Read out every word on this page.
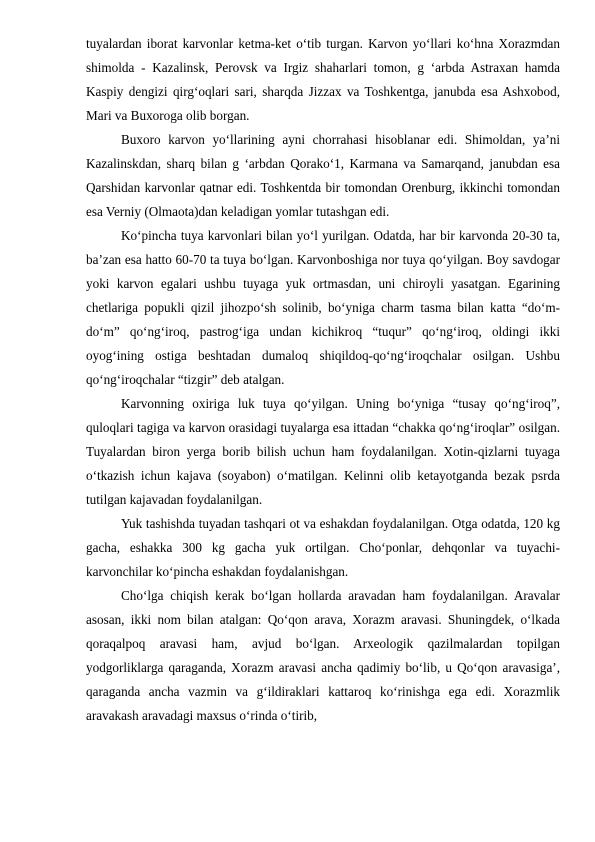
tuyalardan iborat karvonlar ketma-ket o‘tib turgan. Karvon yo‘llari ko‘hna Xorazmdan shimolda - Kazalinsk, Perovsk va Irgiz shaharlari tomon, g ‘arbda Astraxan hamda Kaspiy dengizi qirg‘oqlari sari, sharqda Jizzax va Toshkentga, janubda esa Ashxobod, Mari va Buxoroga olib borgan.

Buxoro karvon yo‘llarining ayni chorrahasi hisoblanar edi. Shimoldan, ya’ni Kazalinskdan, sharq bilan g ‘arbdan Qorako‘1, Karmana va Samarqand, janubdan esa Qarshidan karvonlar qatnar edi. Toshkentda bir tomondan Orenburg, ikkinchi tomondan esa Verniy (Olmaota)dan keladigan yomlar tutashgan edi.

Ko‘pincha tuya karvonlari bilan yo‘l yurilgan. Odatda, har bir karvonda 20-30 ta, ba’zan esa hatto 60-70 ta tuya bo‘lgan. Karvonboshiga nor tuya qo‘yilgan. Boy savdogar yoki karvon egalari ushbu tuyaga yuk ortmasdan, uni chiroyli yasatgan. Egarining chetlariga popukli qizil jihozpo‘sh solinib, bo‘yniga charm tasma bilan katta “do‘m-do‘m” qo‘ng‘iroq, pastrog‘iga undan kichikroq “tuqur” qo‘ng‘iroq, oldingi ikki oyog‘ining ostiga beshtadan dumaloq shiqildoq-qo‘ng‘iroqchalar osilgan. Ushbu qo‘ng‘iroqchalar “tizgir” deb atalgan.

Karvonning oxiriga luk tuya qo‘yilgan. Uning bo‘yniga “tusay qo‘ng‘iroq”, quloqlari tagiga va karvon orasidagi tuyalarga esa ittadan “chakka qo‘ng‘iroqlar” osilgan. Tuyalardan biron yerga borib bilish uchun ham foydalanilgan. Xotin-qizlarni tuyaga o‘tkazish ichun kajava (soyabon) o‘matilgan. Kelinni olib ketayotganda bezak psrda tutilgan kajavadan foydalanilgan.

Yuk tashishda tuyadan tashqari ot va eshakdan foydalanilgan. Otga odatda, 120 kg gacha, eshakka 300 kg gacha yuk ortilgan. Cho‘ponlar, dehqonlar va tuyachi-karvonchilar ko‘pincha eshakdan foydalanishgan.

Cho‘lga chiqish kerak bo‘lgan hollarda aravadan ham foydalanilgan. Aravalar asosan, ikki nom bilan atalgan: Qo‘qon arava, Xorazm aravasi. Shuningdek, o‘lkada qoraqalpoq aravasi ham, avjud bo‘lgan. Arxeologik qazilmalardan topilgan yodgorliklarga qaraganda, Xorazm aravasi ancha qadimiy bo‘lib, u Qo‘qon aravasiga’, qaraganda ancha vazmin va g‘ildiraklari kattaroq ko‘rinishga ega edi. Xorazmlik aravakash aravadagi maxsus o‘rinda o‘tirib,
